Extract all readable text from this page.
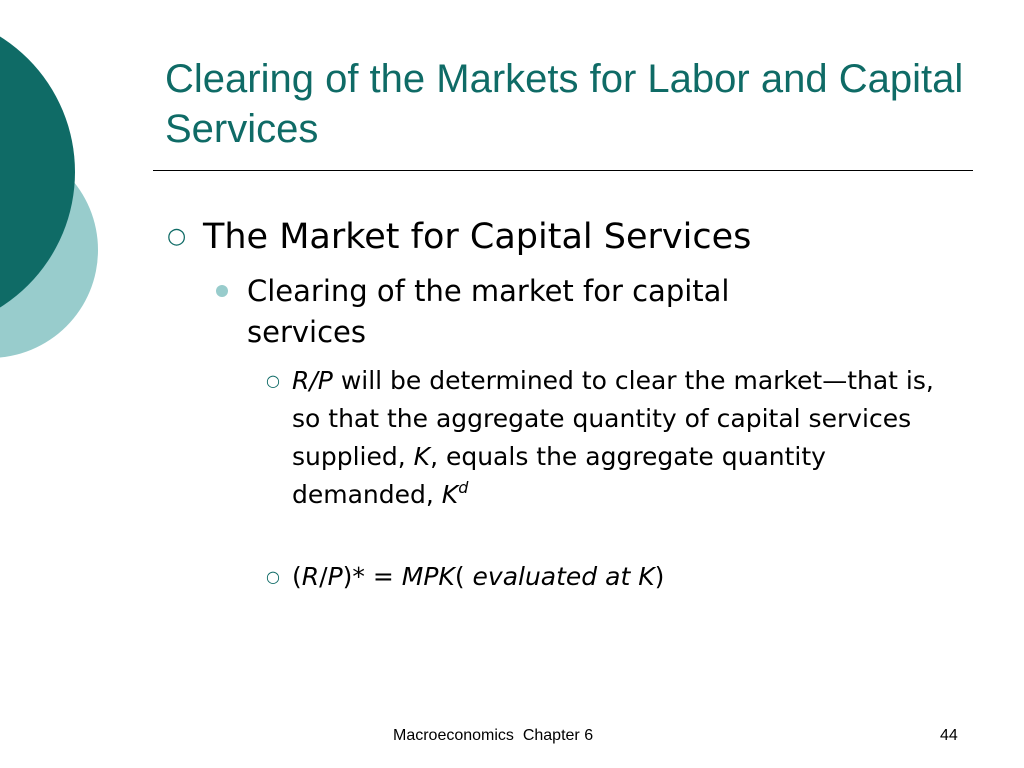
Clearing of the Markets for Labor and Capital Services
○ The Market for Capital Services
Clearing of the market for capital services
○ R/P will be determined to clear the market—that is, so that the aggregate quantity of capital services supplied, K, equals the aggregate quantity demanded, $K^d$
○ (R/P)* = MPK( evaluated at K)
Macroeconomics  Chapter 6	44
